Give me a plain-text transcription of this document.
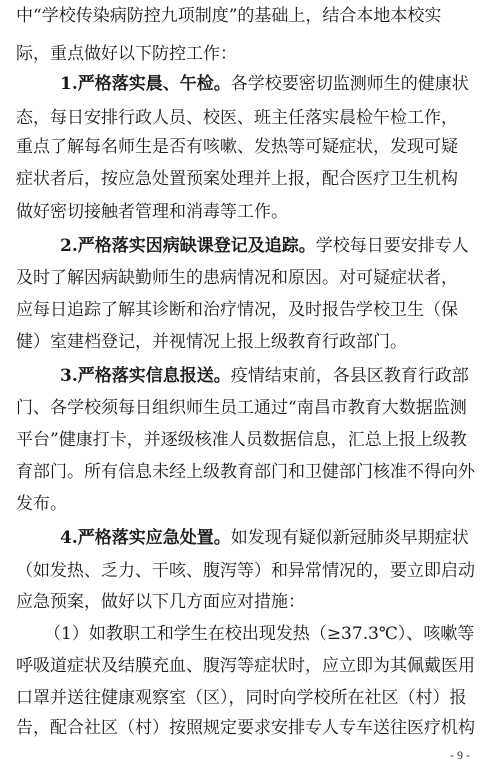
中“学校传染病防控九项制度”的基础上，结合本地本校实
际，重点做好以下防控工作：
1.严格落实晨、午检。各学校要密切监测师生的健康状
态，每日安排行政人员、校医、班主任落实晨检午检工作，
重点了解每名师生是否有咳嗽、发热等可疑症状，发现可疑
症状者后，按应急处置预案处理并上报，配合医疗卫生机构
做好密切接触者管理和消毒等工作。
2.严格落实因病缺课登记及追踪。学校每日要安排专人
及时了解因病缺勤师生的患病情况和原因。对可疑症状者，
应每日追踪了解其诊断和治疗情况，及时报告学校卫生（保
健）室建档登记，并视情况上报上级教育行政部门。
3.严格落实信息报送。疫情结束前，各县区教育行政部
门、各学校须每日组织师生员工通过“南昌市教育大数据监测
平台”健康打卡，并逐级核准人员数据信息，汇总上报上级教
育部门。所有信息未经上级教育部门和卫健部门核准不得向外
发布。
4.严格落实应急处置。如发现有疑似新冠肺炎早期症状
（如发热、乏力、干咳、腹泻等）和异常情况的，要立即启动
应急预案，做好以下几方面应对措施：
（1）如教职工和学生在校出现发热（≥37.3℃）、咳嗽等
呼吸道症状及结膜充血、腹泻等症状时，应立即为其佩戴医用
口罩并送往健康观察室（区），同时向学校所在社区（村）报
告，配合社区（村）按照规定要求安排专人专车送往医疗机构
- 9 -
